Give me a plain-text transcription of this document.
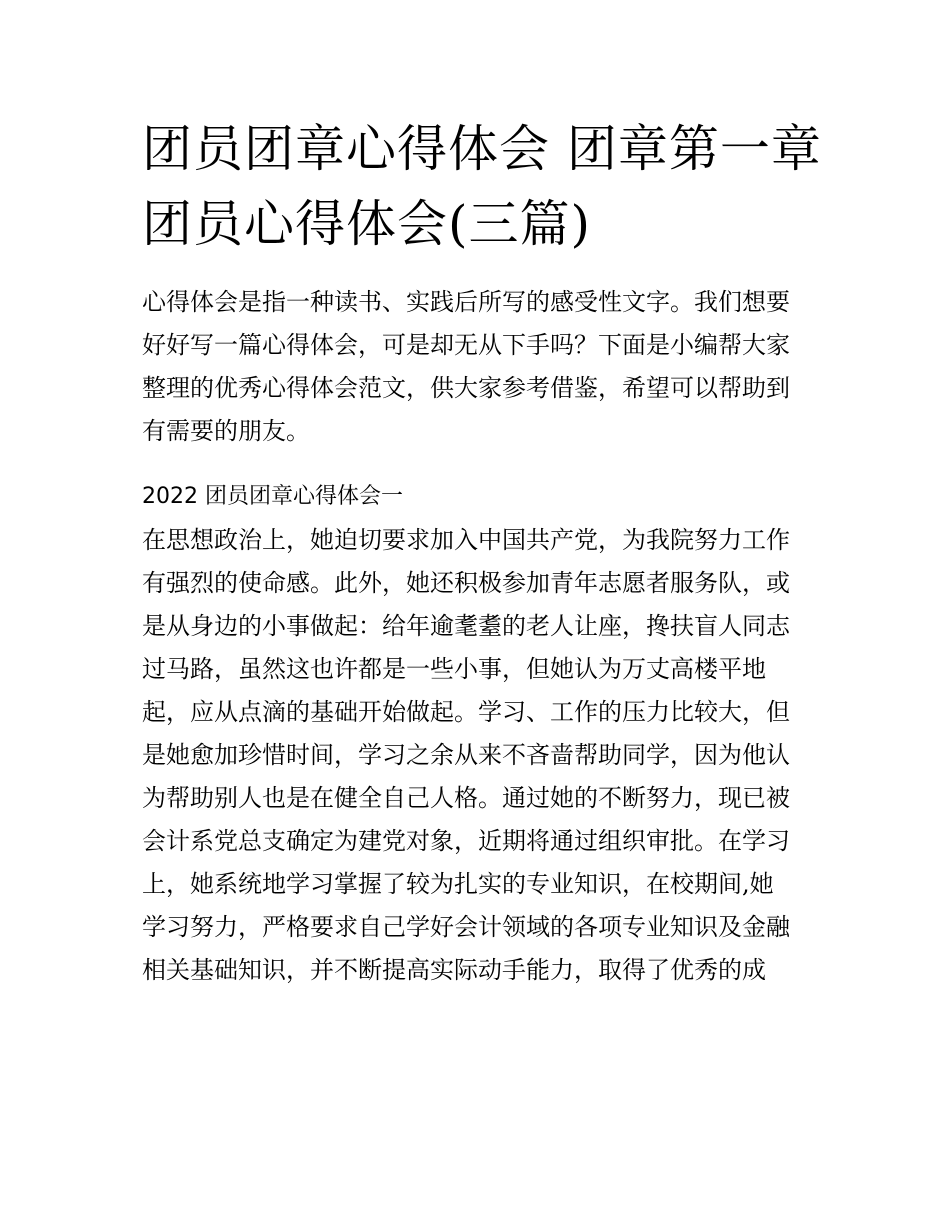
团员团章心得体会 团章第一章
团员心得体会(三篇)

心得体会是指一种读书、实践后所写的感受性文字。我们想要

好好写一篇心得体会，可是却无从下手吗？下面是小编帮大家

整理的优秀心得体会范文，供大家参考借鉴，希望可以帮助到

有需要的朋友。

2022 团员团章心得体会一

在思想政治上，她迫切要求加入中国共产党，为我院努力工作

有强烈的使命感。此外，她还积极参加青年志愿者服务队，或

是从身边的小事做起：给年逾耄耋的老人让座，搀扶盲人同志

过马路，虽然这也许都是一些小事，但她认为万丈高楼平地

起，应从点滴的基础开始做起。学习、工作的压力比较大，但

是她愈加珍惜时间，学习之余从来不吝啬帮助同学，因为他认

为帮助别人也是在健全自己人格。通过她的不断努力，现已被

会计系党总支确定为建党对象，近期将通过组织审批。在学习

上，她系统地学习掌握了较为扎实的专业知识，在校期间,她

学习努力，严格要求自己学好会计领域的各项专业知识及金融

相关基础知识，并不断提高实际动手能力，取得了优秀的成
